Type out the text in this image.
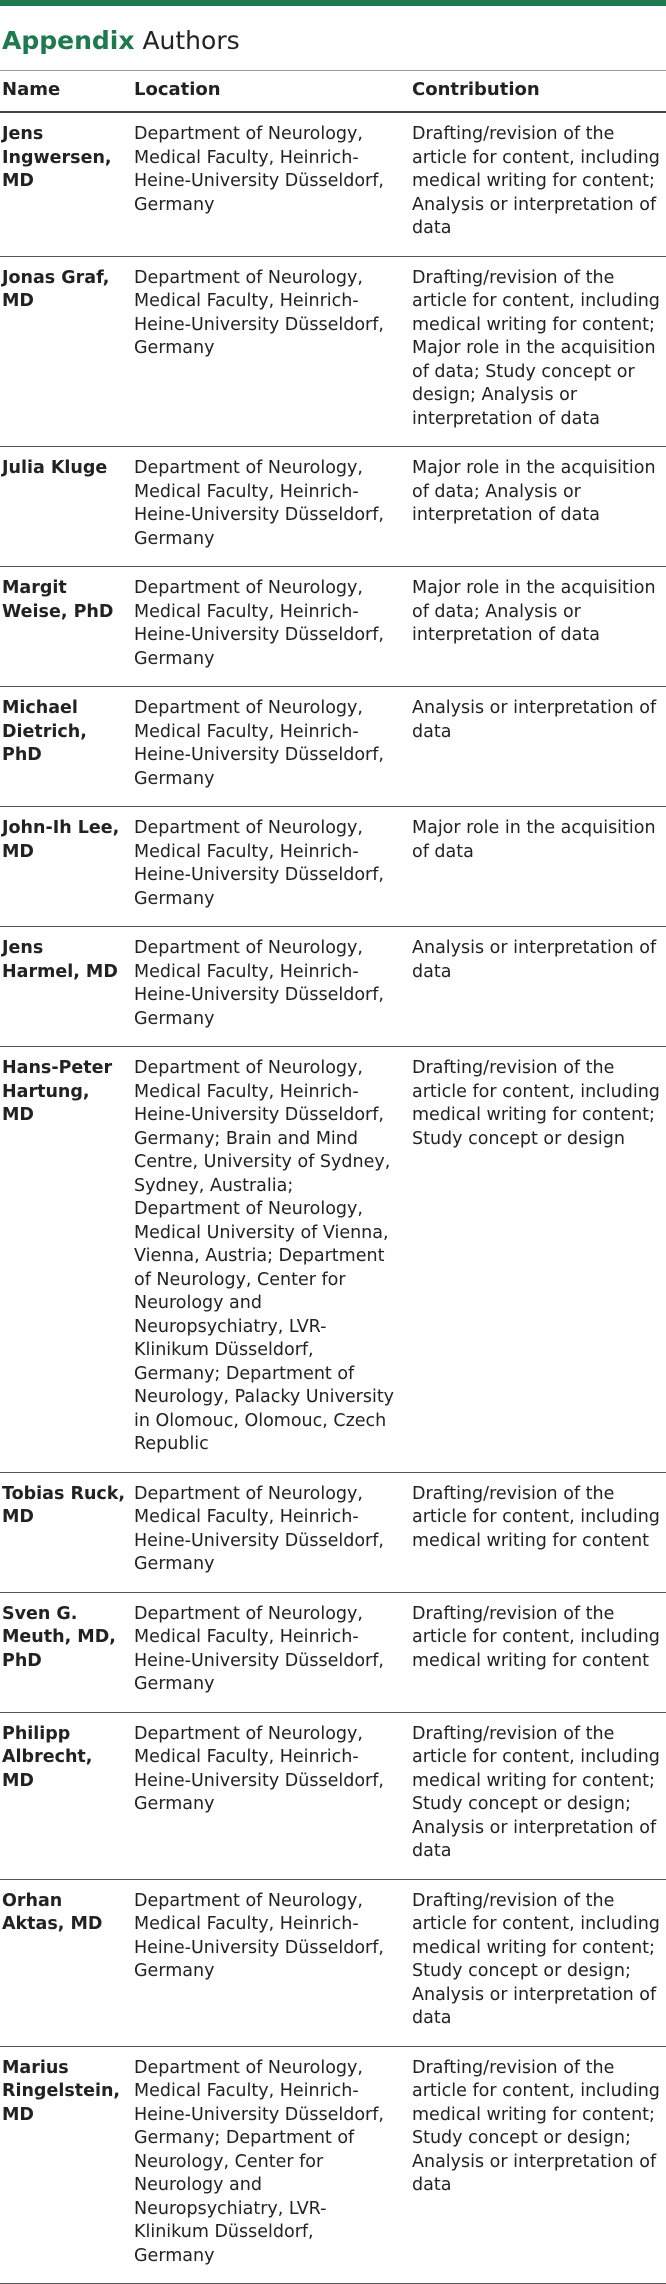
Appendix Authors
Name	Location	Contribution
Jens Ingwersen, MD	Department of Neurology, Medical Faculty, Heinrich-Heine-University Düsseldorf, Germany	Drafting/revision of the article for content, including medical writing for content; Analysis or interpretation of data
Jonas Graf, MD	Department of Neurology, Medical Faculty, Heinrich-Heine-University Düsseldorf, Germany	Drafting/revision of the article for content, including medical writing for content; Major role in the acquisition of data; Study concept or design; Analysis or interpretation of data
Julia Kluge	Department of Neurology, Medical Faculty, Heinrich-Heine-University Düsseldorf, Germany	Major role in the acquisition of data; Analysis or interpretation of data
Margit Weise, PhD	Department of Neurology, Medical Faculty, Heinrich-Heine-University Düsseldorf, Germany	Major role in the acquisition of data; Analysis or interpretation of data
Michael Dietrich, PhD	Department of Neurology, Medical Faculty, Heinrich-Heine-University Düsseldorf, Germany	Analysis or interpretation of data
John-Ih Lee, MD	Department of Neurology, Medical Faculty, Heinrich-Heine-University Düsseldorf, Germany	Major role in the acquisition of data
Jens Harmel, MD	Department of Neurology, Medical Faculty, Heinrich-Heine-University Düsseldorf, Germany	Analysis or interpretation of data
Hans-Peter Hartung, MD	Department of Neurology, Medical Faculty, Heinrich-Heine-University Düsseldorf, Germany; Brain and Mind Centre, University of Sydney, Sydney, Australia; Department of Neurology, Medical University of Vienna, Vienna, Austria; Department of Neurology, Center for Neurology and Neuropsychiatry, LVR-Klinikum Düsseldorf, Germany; Department of Neurology, Palacky University in Olomouc, Olomouc, Czech Republic	Drafting/revision of the article for content, including medical writing for content; Study concept or design
Tobias Ruck, MD	Department of Neurology, Medical Faculty, Heinrich-Heine-University Düsseldorf, Germany	Drafting/revision of the article for content, including medical writing for content
Sven G. Meuth, MD, PhD	Department of Neurology, Medical Faculty, Heinrich-Heine-University Düsseldorf, Germany	Drafting/revision of the article for content, including medical writing for content
Philipp Albrecht, MD	Department of Neurology, Medical Faculty, Heinrich-Heine-University Düsseldorf, Germany	Drafting/revision of the article for content, including medical writing for content; Study concept or design; Analysis or interpretation of data
Orhan Aktas, MD	Department of Neurology, Medical Faculty, Heinrich-Heine-University Düsseldorf, Germany	Drafting/revision of the article for content, including medical writing for content; Study concept or design; Analysis or interpretation of data
Marius Ringelstein, MD	Department of Neurology, Medical Faculty, Heinrich-Heine-University Düsseldorf, Germany; Department of Neurology, Center for Neurology and Neuropsychiatry, LVR-Klinikum Düsseldorf, Germany	Drafting/revision of the article for content, including medical writing for content; Study concept or design; Analysis or interpretation of data
